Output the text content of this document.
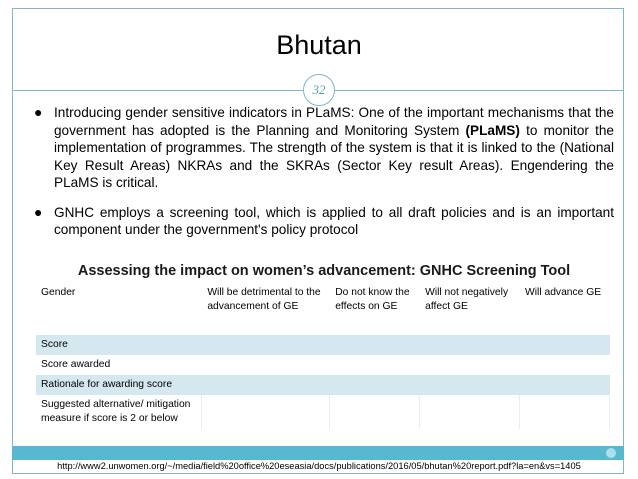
Bhutan
32
● Introducing gender sensitive indicators in PLaMS: One of the important mechanisms that the government has adopted is the Planning and Monitoring System (PLaMS) to monitor the implementation of programmes. The strength of the system is that it is linked to the (National Key Result Areas) NKRAs and the SKRAs (Sector Key result Areas). Engendering the PLaMS is critical.
● GNHC employs a screening tool, which is applied to all draft policies and is an important component under the government's policy protocol
Assessing the impact on women’s advancement: GNHC Screening Tool
Gender	Will be detrimental to the advancement of GE	Do not know the effects on GE	Will not negatively affect GE	Will advance GE
Score				
Score awarded				
Rationale for awarding score				
Suggested alternative/ mitigation measure if score is 2 or below				
http://www2.unwomen.org/~/media/field%20office%20eseasia/docs/publications/2016/05/bhutan%20report.pdf?la=en&vs=1405
